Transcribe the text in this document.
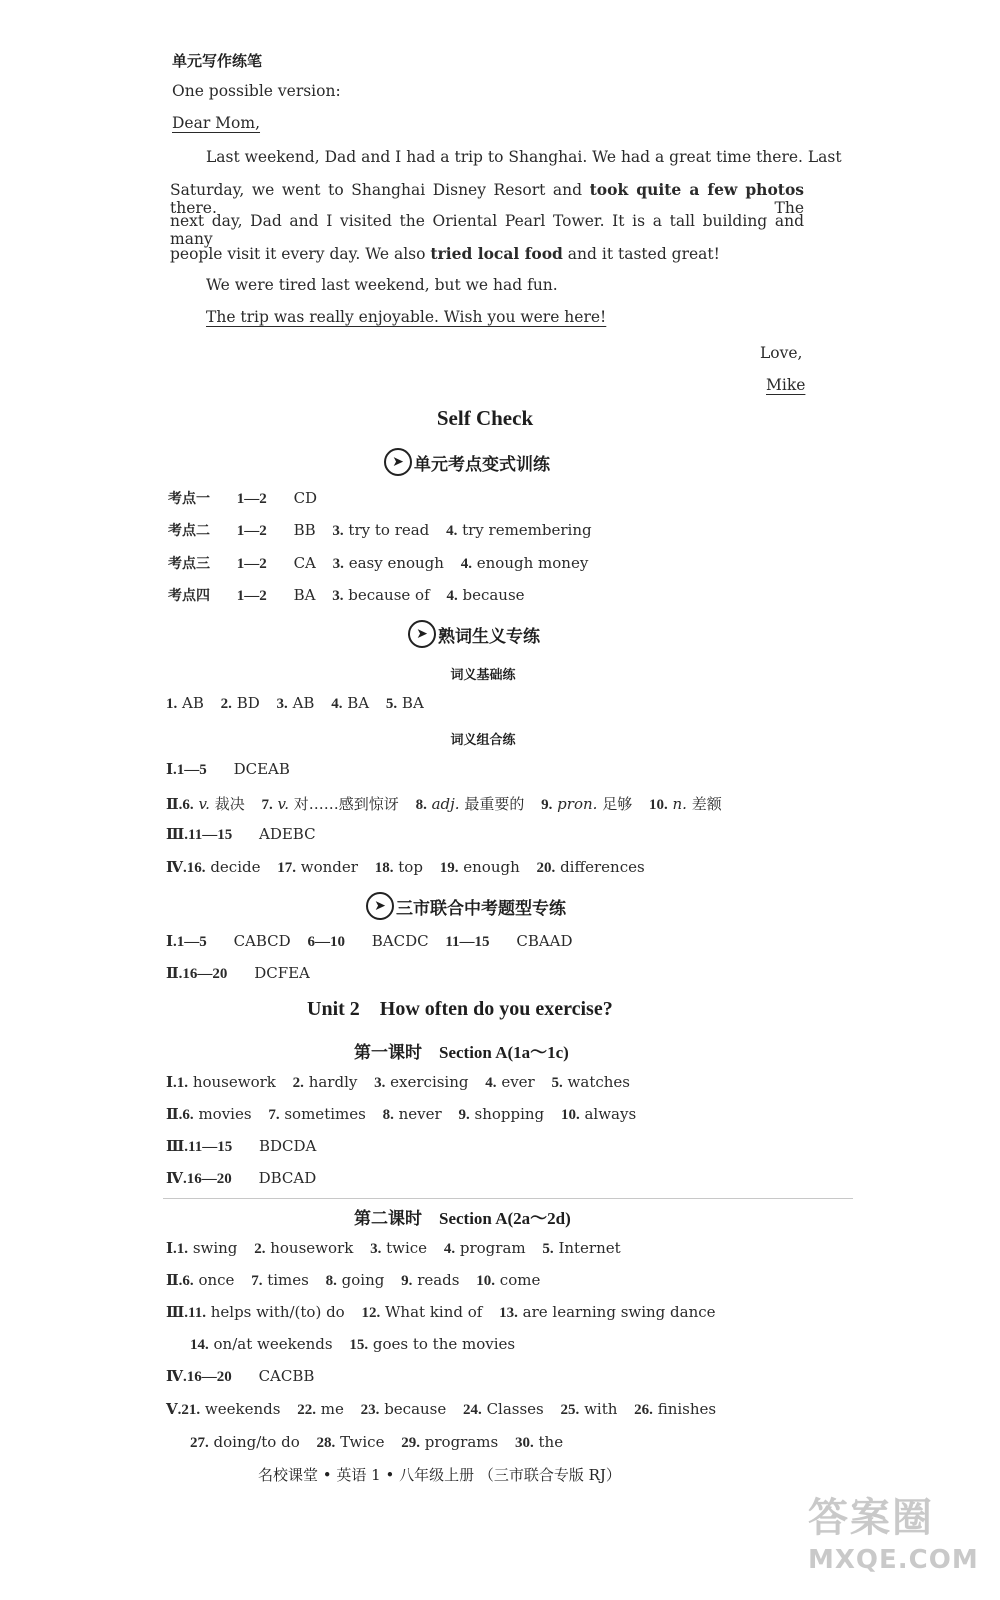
单元写作练笔
One possible version:
Dear Mom,
Last weekend, Dad and I had a trip to Shanghai. We had a great time there. Last
Saturday, we went to Shanghai Disney Resort and took quite a few photos there. The
next day, Dad and I visited the Oriental Pearl Tower. It is a tall building and many
people visit it every day. We also tried local food and it tasted great!
We were tired last weekend, but we had fun.
The trip was really enjoyable. Wish you were here!
Love,
Mike
Self Check
➤ 单元考点变式训练
考点一 1—2 CD
考点二 1—2 BB 3. try to read 4. try remembering
考点三 1—2 CA 3. easy enough 4. enough money
考点四 1—2 BA 3. because of 4. because
➤ 熟词生义专练
词义基础练
1. AB 2. BD 3. AB 4. BA 5. BA
词义组合练
Ⅰ.1—5 DCEAB
Ⅱ.6. v. 裁决 7. v. 对……感到惊讶 8. adj. 最重要的 9. pron. 足够 10. n. 差额
Ⅲ.11—15 ADEBC
Ⅳ.16. decide 17. wonder 18. top 19. enough 20. differences
➤ 三市联合中考题型专练
Ⅰ.1—5 CABCD 6—10 BACDC 11—15 CBAAD
Ⅱ.16—20 DCFEA
Unit 2    How often do you exercise?
第一课时    Section A(1a～1c)
Ⅰ.1. housework 2. hardly 3. exercising 4. ever 5. watches
Ⅱ.6. movies 7. sometimes 8. never 9. shopping 10. always
Ⅲ.11—15 BDCDA
Ⅳ.16—20 DBCAD
第二课时    Section A(2a～2d)
Ⅰ.1. swing 2. housework 3. twice 4. program 5. Internet
Ⅱ.6. once 7. times 8. going 9. reads 10. come
Ⅲ.11. helps with/(to) do 12. What kind of 13. are learning swing dance
14. on/at weekends 15. goes to the movies
Ⅳ.16—20 CACBB
Ⅴ.21. weekends 22. me 23. because 24. Classes 25. with 26. finishes
27. doing/to do 28. Twice 29. programs 30. the
名校课堂 • 英语 1 • 八年级上册 （三市联合专版 RJ）
答案圈
MXQE.COM
